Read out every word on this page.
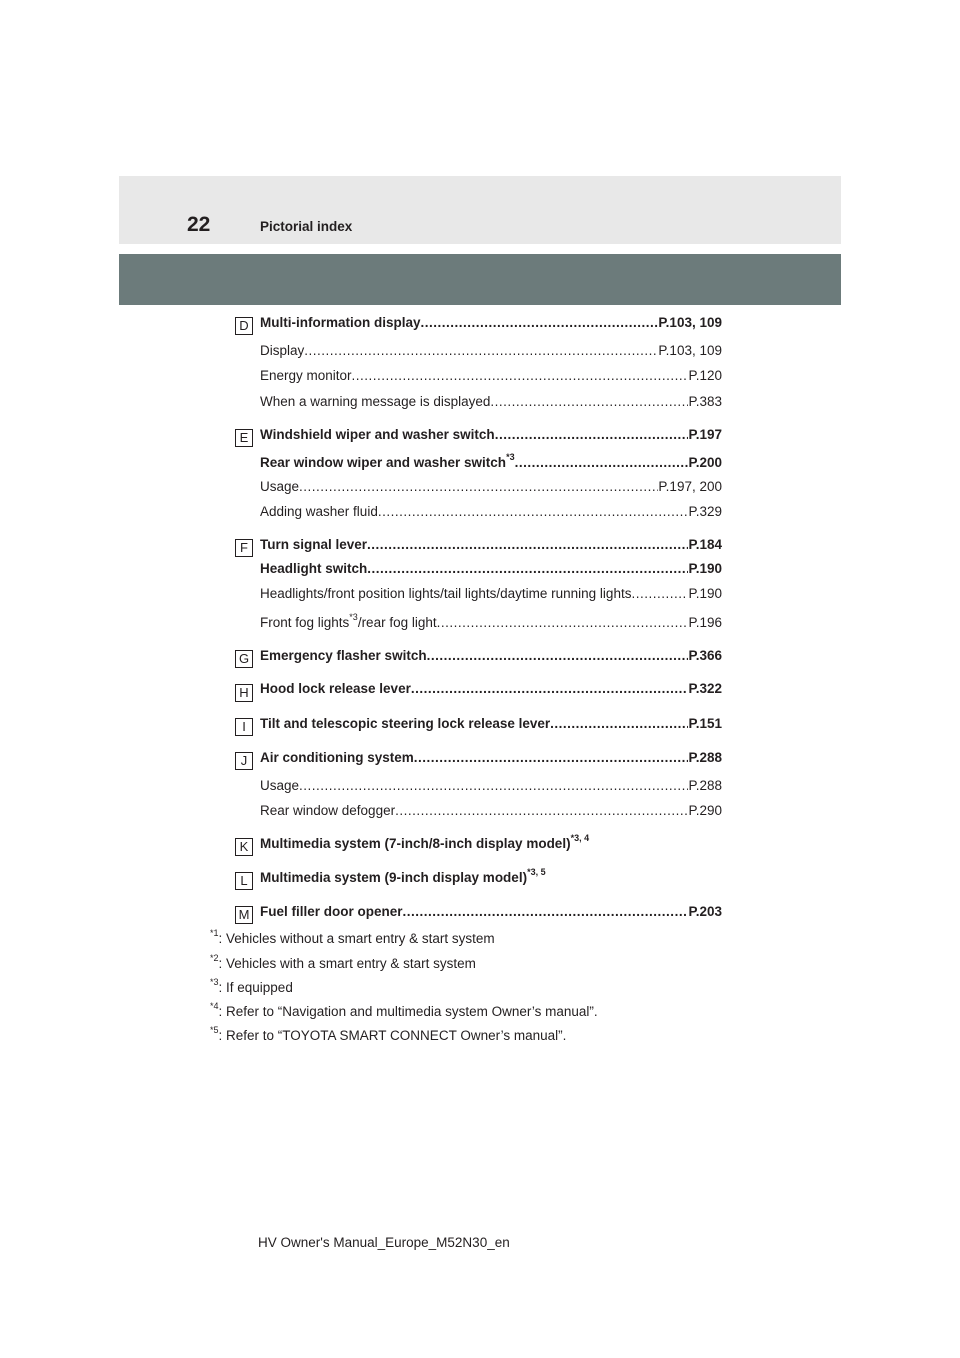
22	Pictorial index
D Multi-information display .....	P.103, 109
Display .....	P.103, 109
Energy monitor .....	P.120
When a warning message is displayed .....	P.383
E Windshield wiper and washer switch .....	P.197
Rear window wiper and washer switch$^{*3}$ .....	P.200
Usage .....	P.197, 200
Adding washer fluid .....	P.329
F Turn signal lever .....	P.184
Headlight switch .....	P.190
Headlights/front position lights/tail lights/daytime running lights .....	P.190
Front fog lights$^{*3}$/rear fog light .....	P.196
G Emergency flasher switch .....	P.366
H Hood lock release lever .....	P.322
I	Tilt and telescopic steering lock release lever .....	P.151
J Air conditioning system .....	P.288
Usage .....	P.288
Rear window defogger .....	P.290
K Multimedia system (7-inch/8-inch display model)$^{*3, 4}$
L Multimedia system (9-inch display model)$^{*3, 5}$
M Fuel filler door opener .....	P.203
$^{*1}$: Vehicles without a smart entry & start system
$^{*2}$: Vehicles with a smart entry & start system
$^{*3}$: If equipped
$^{*4}$: Refer to “Navigation and multimedia system Owner’s manual”.
$^{*5}$: Refer to “TOYOTA SMART CONNECT Owner’s manual”.
HV Owner's Manual_Europe_M52N30_en
